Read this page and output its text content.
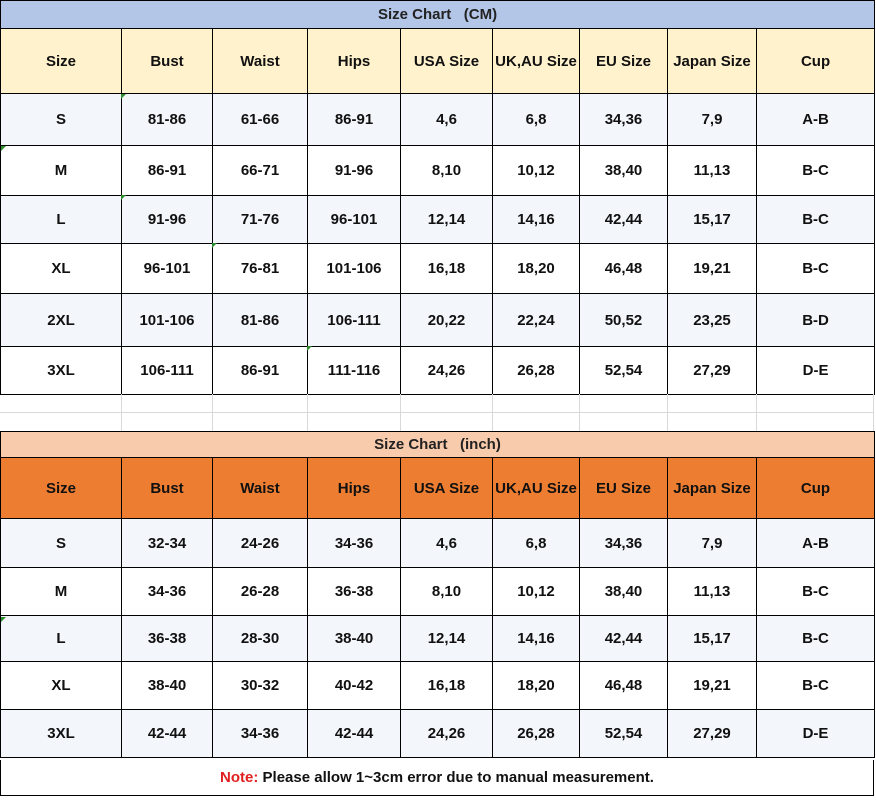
Size Chart   (CM)								
Size	Bust	Waist	Hips	USA Size	UK,AU Size	EU Size	Japan Size	Cup
S	81-86	61-66	86-91	4,6	6,8	34,36	7,9	A-B
M	86-91	66-71	91-96	8,10	10,12	38,40	11,13	B-C
L	91-96	71-76	96-101	12,14	14,16	42,44	15,17	B-C
XL	96-101	76-81	101-106	16,18	18,20	46,48	19,21	B-C
2XL	101-106	81-86	106-111	20,22	22,24	50,52	23,25	B-D
3XL	106-111	86-91	111-116	24,26	26,28	52,54	27,29	D-E
Size Chart   (inch)								
Size	Bust	Waist	Hips	USA Size	UK,AU Size	EU Size	Japan Size	Cup
S	32-34	24-26	34-36	4,6	6,8	34,36	7,9	A-B
M	34-36	26-28	36-38	8,10	10,12	38,40	11,13	B-C
L	36-38	28-30	38-40	12,14	14,16	42,44	15,17	B-C
XL	38-40	30-32	40-42	16,18	18,20	46,48	19,21	B-C
3XL	42-44	34-36	42-44	24,26	26,28	52,54	27,29	D-E
Note: Please allow 1~3cm error due to manual measurement.
